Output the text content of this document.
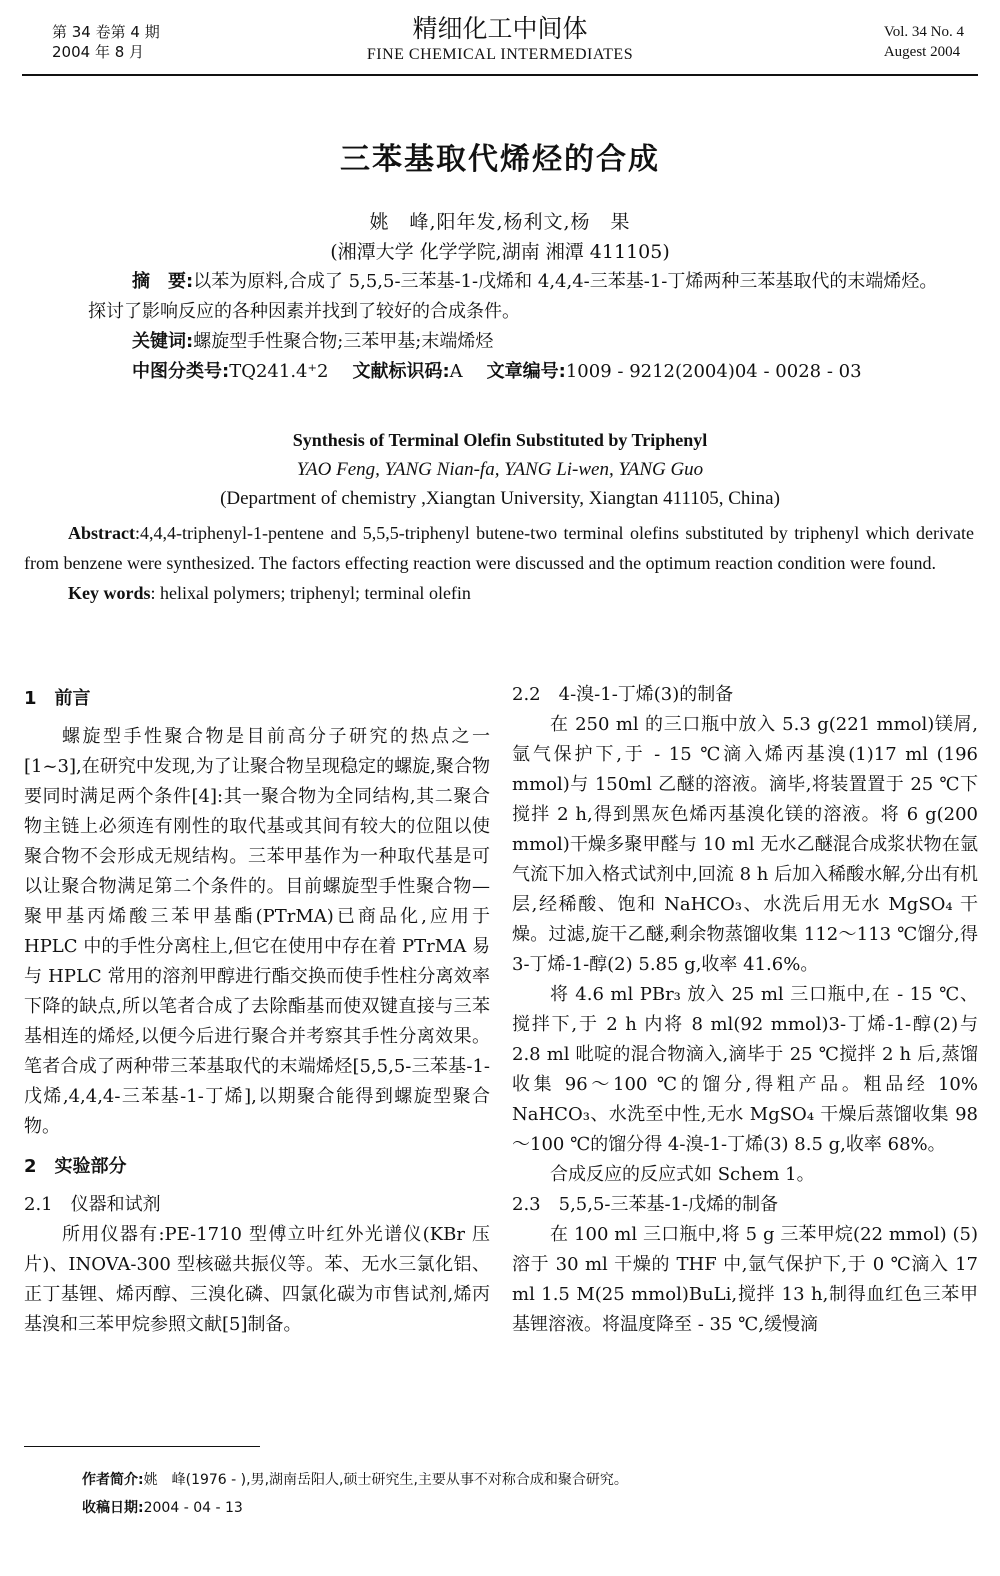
第 34 卷第 4 期
2004 年 8 月
精细化工中间体
FINE CHEMICAL INTERMEDIATES
Vol. 34 No. 4
Augest 2004
三苯基取代烯烃的合成
姚　峰,阳年发,杨利文,杨　果
(湘潭大学 化学学院,湖南 湘潭 411105)

摘　要:以苯为原料,合成了 5,5,5-三苯基-1-戊烯和 4,4,4-三苯基-1-丁烯两种三苯基取代的末端烯烃。探讨了影响反应的各种因素并找到了较好的合成条件。

关键词:螺旋型手性聚合物;三苯甲基;末端烯烃

中图分类号:TQ241.4⁺2 文献标识码:A 文章编号:1009 - 9212(2004)04 - 0028 - 03

Synthesis of Terminal Olefin Substituted by Triphenyl
YAO Feng, YANG Nian-fa, YANG Li-wen, YANG Guo
(Department of chemistry ,Xiangtan University, Xiangtan 411105, China)

Abstract:4,4,4-triphenyl-1-pentene and 5,5,5-triphenyl butene-two terminal olefins substituted by triphenyl which derivate from benzene were synthesized. The factors effecting reaction were discussed and the optimum reaction condition were found.

Key words: helixal polymers; triphenyl; terminal olefin

1　前言

螺旋型手性聚合物是目前高分子研究的热点之一[1~3],在研究中发现,为了让聚合物呈现稳定的螺旋,聚合物要同时满足两个条件[4]:其一聚合物为全同结构,其二聚合物主链上必须连有刚性的取代基或其间有较大的位阻以使聚合物不会形成无规结构。三苯甲基作为一种取代基是可以让聚合物满足第二个条件的。目前螺旋型手性聚合物—聚甲基丙烯酸三苯甲基酯(PTrMA)已商品化,应用于 HPLC 中的手性分离柱上,但它在使用中存在着 PTrMA 易与 HPLC 常用的溶剂甲醇进行酯交换而使手性柱分离效率下降的缺点,所以笔者合成了去除酯基而使双键直接与三苯基相连的烯烃,以便今后进行聚合并考察其手性分离效果。笔者合成了两种带三苯基取代的末端烯烃[5,5,5-三苯基-1-戊烯,4,4,4-三苯基-1-丁烯],以期聚合能得到螺旋型聚合物。

2　实验部分

2.1　仪器和试剂

所用仪器有:PE-1710 型傅立叶红外光谱仪(KBr 压片)、INOVA-300 型核磁共振仪等。苯、无水三氯化铝、正丁基锂、烯丙醇、三溴化磷、四氯化碳为市售试剂,烯丙基溴和三苯甲烷参照文献[5]制备。

2.2　4-溴-1-丁烯(3)的制备

在 250 ml 的三口瓶中放入 5.3 g(221 mmol)镁屑,氩气保护下,于 - 15 ℃滴入烯丙基溴(1)17 ml (196 mmol)与 150ml 乙醚的溶液。滴毕,将装置置于 25 ℃下搅拌 2 h,得到黑灰色烯丙基溴化镁的溶液。将 6 g(200 mmol)干燥多聚甲醛与 10 ml 无水乙醚混合成浆状物在氩气流下加入格式试剂中,回流 8 h 后加入稀酸水解,分出有机层,经稀酸、饱和 NaHCO₃、水洗后用无水 MgSO₄ 干燥。过滤,旋干乙醚,剩余物蒸馏收集 112～113 ℃馏分,得 3-丁烯-1-醇(2) 5.85 g,收率 41.6%。

将 4.6 ml PBr₃ 放入 25 ml 三口瓶中,在 - 15 ℃、搅拌下,于 2 h 内将 8 ml(92 mmol)3-丁烯-1-醇(2)与 2.8 ml 吡啶的混合物滴入,滴毕于 25 ℃搅拌 2 h 后,蒸馏收集 96～100 ℃的馏分,得粗产品。粗品经 10% NaHCO₃、水洗至中性,无水 MgSO₄ 干燥后蒸馏收集 98～100 ℃的馏分得 4-溴-1-丁烯(3) 8.5 g,收率 68%。

合成反应的反应式如 Schem 1。

2.3　5,5,5-三苯基-1-戊烯的制备

在 100 ml 三口瓶中,将 5 g 三苯甲烷(22 mmol) (5) 溶于 30 ml 干燥的 THF 中,氩气保护下,于 0 ℃滴入 17 ml 1.5 M(25 mmol)BuLi,搅拌 13 h,制得血红色三苯甲基锂溶液。将温度降至 - 35 ℃,缓慢滴

作者简介:姚　峰(1976 - ),男,湖南岳阳人,硕士研究生,主要从事不对称合成和聚合研究。

收稿日期:2004 - 04 - 13
